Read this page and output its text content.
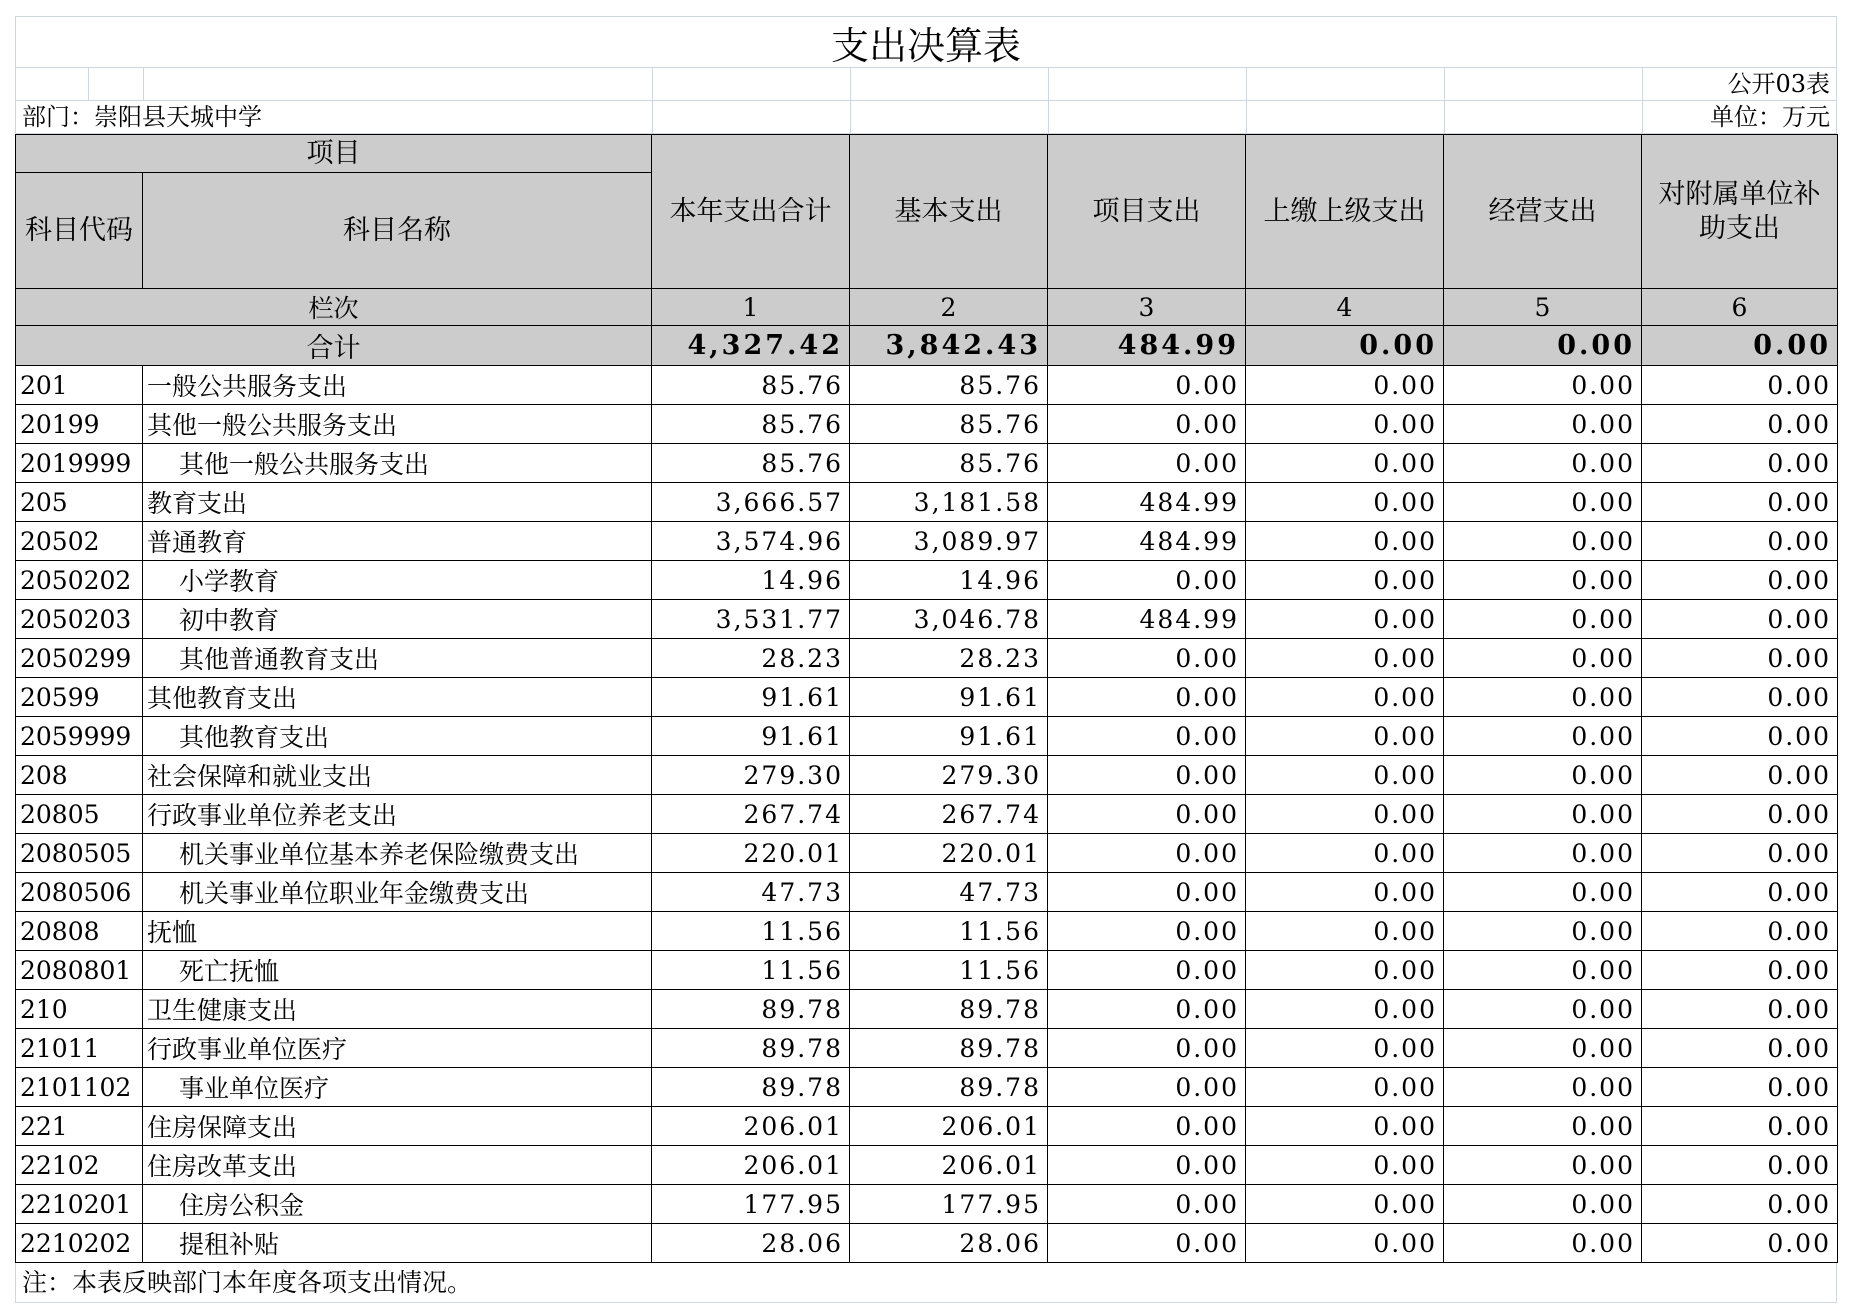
支出决算表
公开03表
部门：崇阳县天城中学	单位：万元
项目		本年支出合计	基本支出	项目支出	上缴上级支出	经营支出	对附属单位补助支出
科目代码	科目名称						
栏次		1	2	3	4	5	6
合计		4,327.42	3,842.43	484.99	0.00	0.00	0.00
201	一般公共服务支出	85.76	85.76	0.00	0.00	0.00	0.00
20199	其他一般公共服务支出	85.76	85.76	0.00	0.00	0.00	0.00
2019999	其他一般公共服务支出	85.76	85.76	0.00	0.00	0.00	0.00
205	教育支出	3,666.57	3,181.58	484.99	0.00	0.00	0.00
20502	普通教育	3,574.96	3,089.97	484.99	0.00	0.00	0.00
2050202	小学教育	14.96	14.96	0.00	0.00	0.00	0.00
2050203	初中教育	3,531.77	3,046.78	484.99	0.00	0.00	0.00
2050299	其他普通教育支出	28.23	28.23	0.00	0.00	0.00	0.00
20599	其他教育支出	91.61	91.61	0.00	0.00	0.00	0.00
2059999	其他教育支出	91.61	91.61	0.00	0.00	0.00	0.00
208	社会保障和就业支出	279.30	279.30	0.00	0.00	0.00	0.00
20805	行政事业单位养老支出	267.74	267.74	0.00	0.00	0.00	0.00
2080505	机关事业单位基本养老保险缴费支出	220.01	220.01	0.00	0.00	0.00	0.00
2080506	机关事业单位职业年金缴费支出	47.73	47.73	0.00	0.00	0.00	0.00
20808	抚恤	11.56	11.56	0.00	0.00	0.00	0.00
2080801	死亡抚恤	11.56	11.56	0.00	0.00	0.00	0.00
210	卫生健康支出	89.78	89.78	0.00	0.00	0.00	0.00
21011	行政事业单位医疗	89.78	89.78	0.00	0.00	0.00	0.00
2101102	事业单位医疗	89.78	89.78	0.00	0.00	0.00	0.00
221	住房保障支出	206.01	206.01	0.00	0.00	0.00	0.00
22102	住房改革支出	206.01	206.01	0.00	0.00	0.00	0.00
2210201	住房公积金	177.95	177.95	0.00	0.00	0.00	0.00
2210202	提租补贴	28.06	28.06	0.00	0.00	0.00	0.00
注：本表反映部门本年度各项支出情况。
